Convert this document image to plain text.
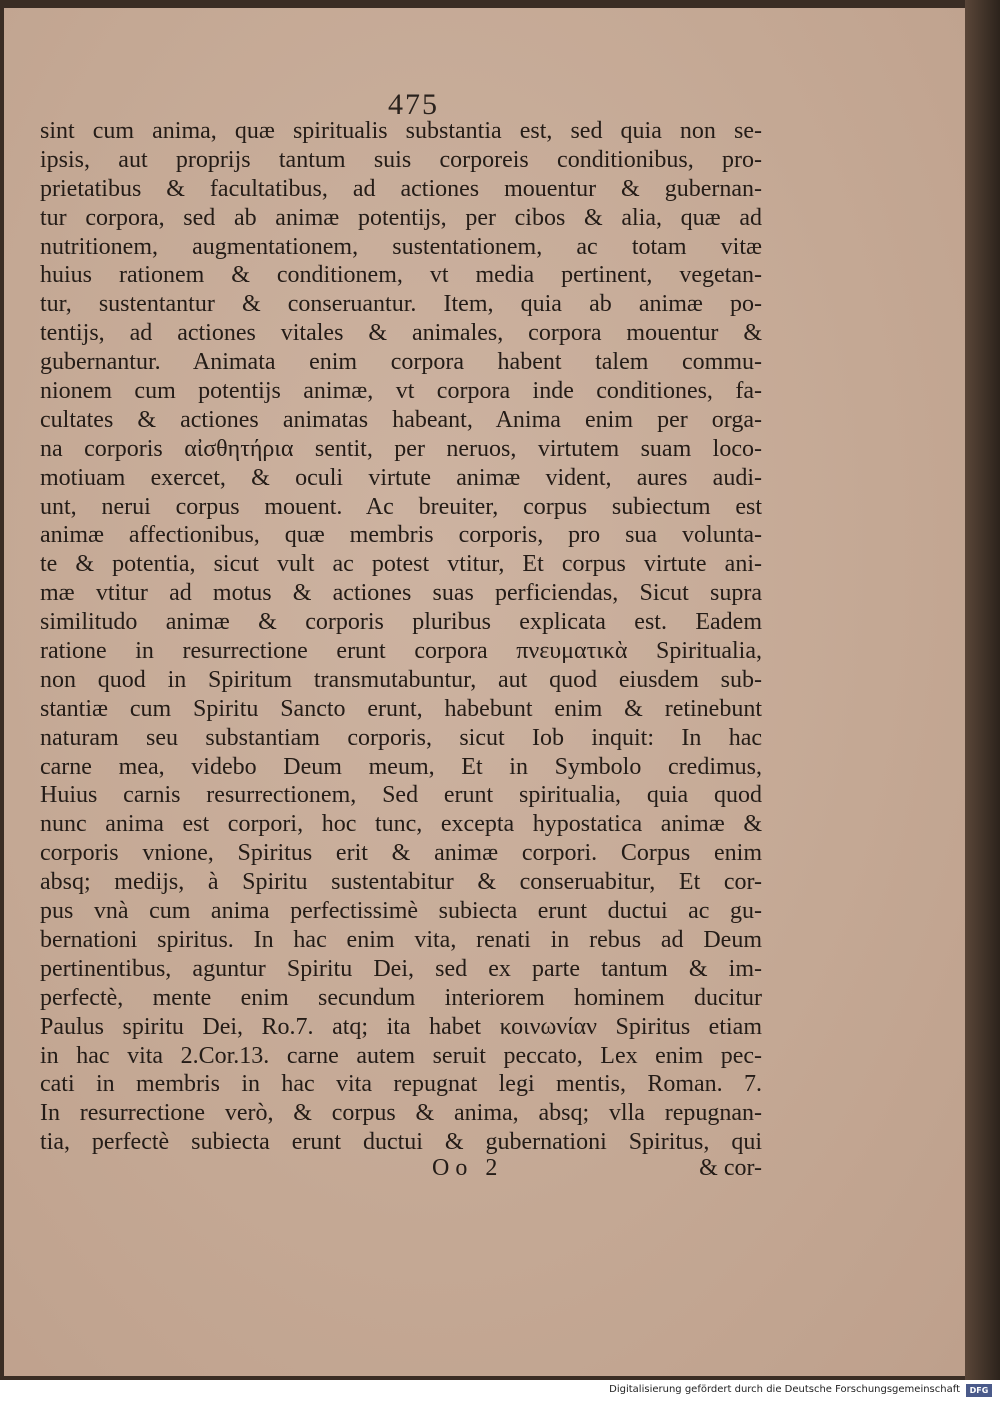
475
sint cum anima, quæ spiritualis substantia est, sed quia non se-
ipsis, aut proprijs tantum suis corporeis conditionibus, pro-
prietatibus & facultatibus, ad actiones mouentur & gubernan-
tur corpora, sed ab animæ potentijs, per cibos & alia, quæ ad
nutritionem, augmentationem, sustentationem, ac totam vitæ
huius rationem & conditionem, vt media pertinent, vegetan-
tur, sustentantur & conseruantur. Item, quia ab animæ po-
tentijs, ad actiones vitales & animales, corpora mouentur &
gubernantur. Animata enim corpora habent talem commu-
nionem cum potentijs animæ, vt corpora inde conditiones, fa-
cultates & actiones animatas habeant, Anima enim per orga-
na corporis αἰσθητήρια sentit, per neruos, virtutem suam loco-
motiuam exercet, & oculi virtute animæ vident, aures audi-
unt, nerui corpus mouent. Ac breuiter, corpus subiectum est
animæ affectionibus, quæ membris corporis, pro sua volunta-
te & potentia, sicut vult ac potest vtitur, Et corpus virtute ani-
mæ vtitur ad motus & actiones suas perficiendas, Sicut supra
similitudo animæ & corporis pluribus explicata est. Eadem
ratione in resurrectione erunt corpora πνευματικὰ Spiritualia,
non quod in Spiritum transmutabuntur, aut quod eiusdem sub-
stantiæ cum Spiritu Sancto erunt, habebunt enim & retinebunt
naturam seu substantiam corporis, sicut Iob inquit: In hac
carne mea, videbo Deum meum, Et in Symbolo credimus,
Huius carnis resurrectionem, Sed erunt spiritualia, quia quod
nunc anima est corpori, hoc tunc, excepta hypostatica animæ &
corporis vnione, Spiritus erit & animæ corpori. Corpus enim
absq; medijs, à Spiritu sustentabitur & conseruabitur, Et cor-
pus vnà cum anima perfectissimè subiecta erunt ductui ac gu-
bernationi spiritus. In hac enim vita, renati in rebus ad Deum
pertinentibus, aguntur Spiritu Dei, sed ex parte tantum & im-
perfectè, mente enim secundum interiorem hominem ducitur
Paulus spiritu Dei, Ro.7. atq; ita habet κοινωνίαν Spiritus etiam
in hac vita 2.Cor.13. carne autem seruit peccato, Lex enim pec-
cati in membris in hac vita repugnat legi mentis, Roman. 7.
In resurrectione verò, & corpus & anima, absq; vlla repugnan-
tia, perfectè subiecta erunt ductui & gubernationi Spiritus, qui
Oo 2	& cor-
Digitalisierung gefördert durch die Deutsche Forschungsgemeinschaft	DFG
